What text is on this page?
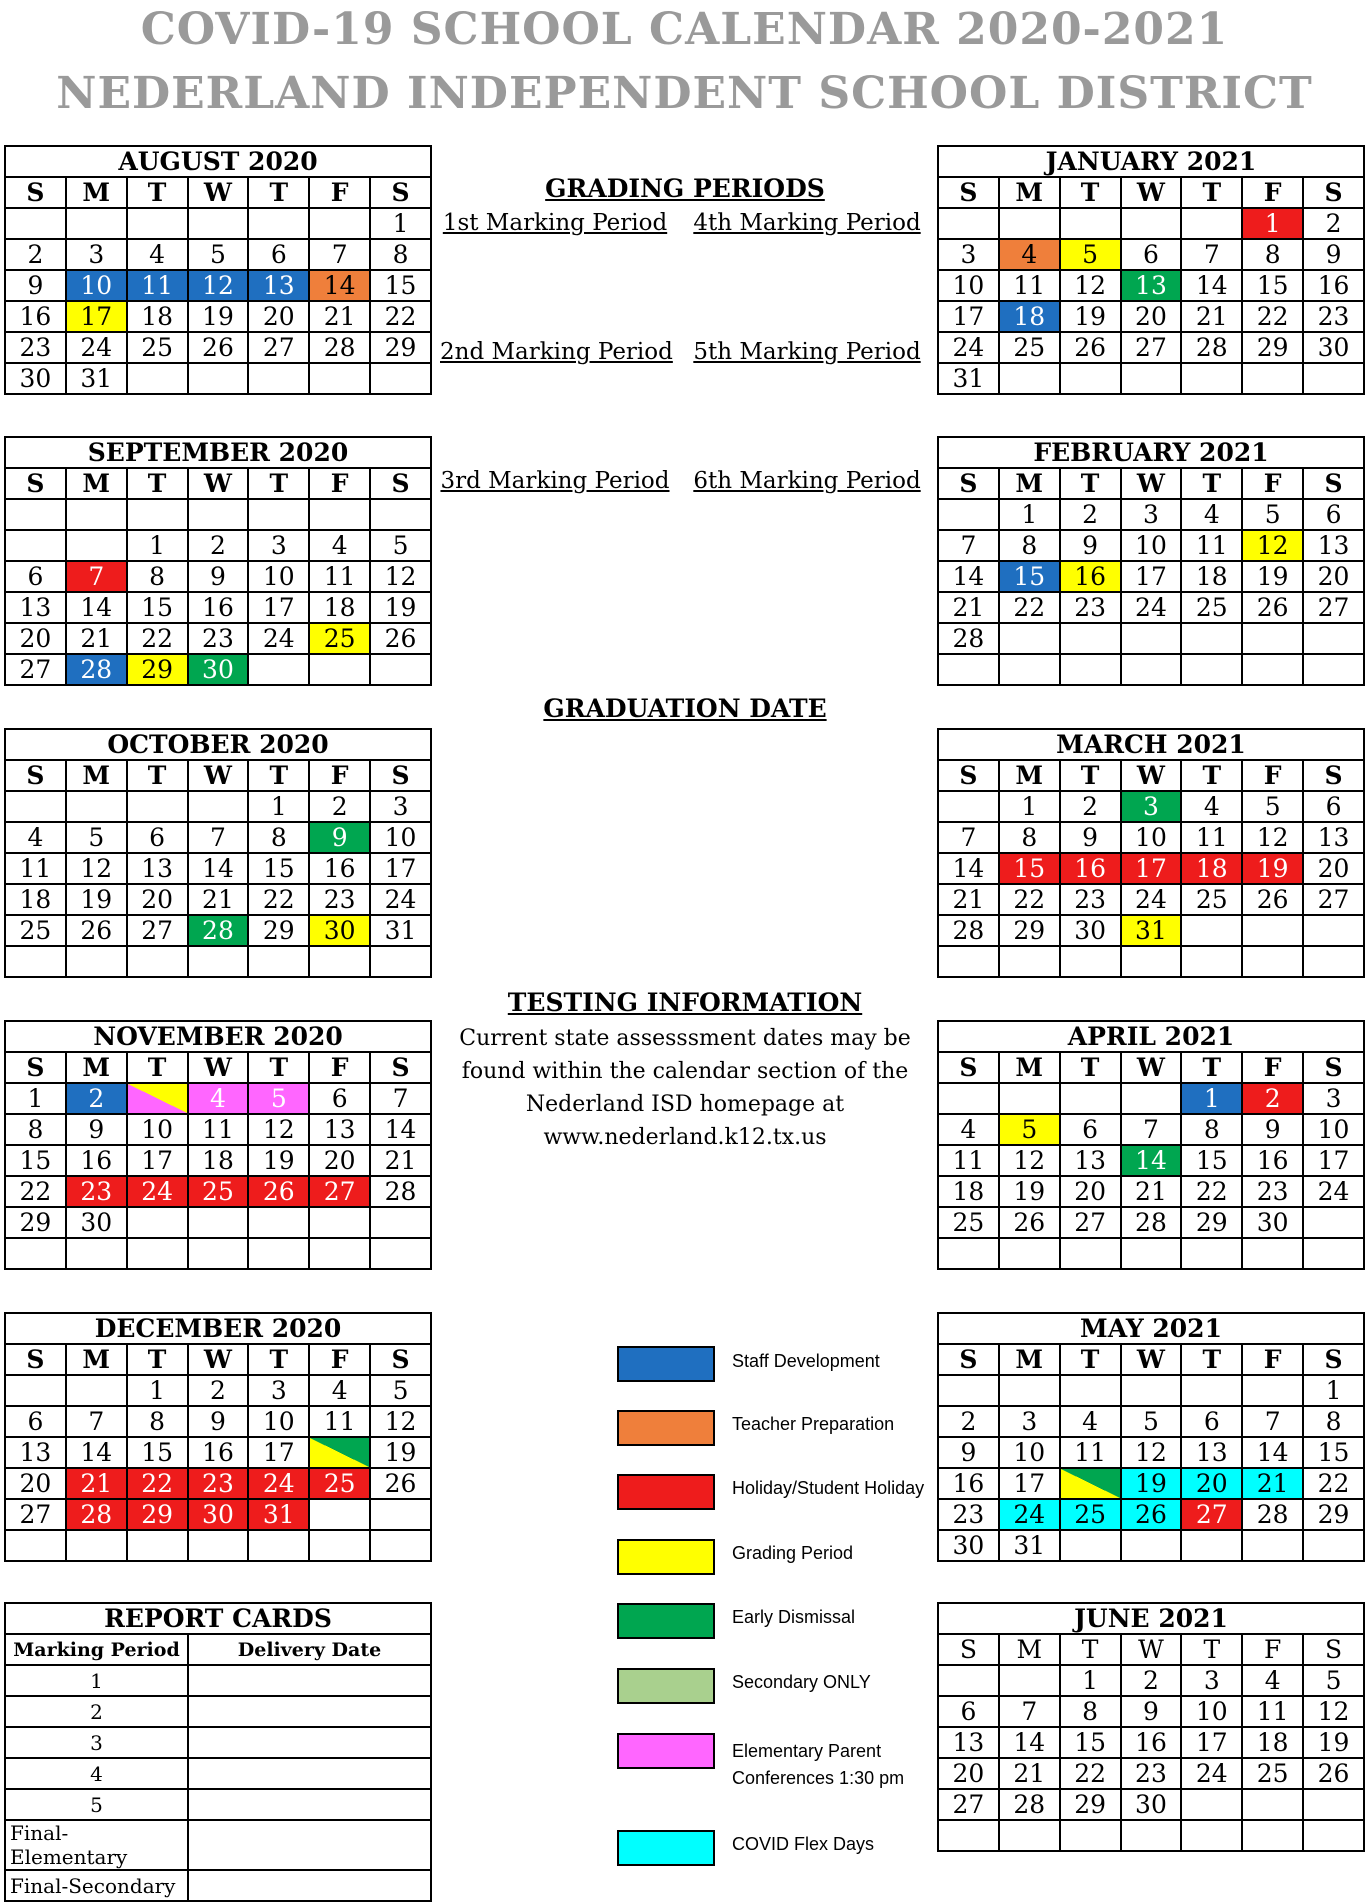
COVID-19 SCHOOL CALENDAR 2020-2021
NEDERLAND INDEPENDENT SCHOOL DISTRICT
AUGUST 2020						
S	M	T	W	T	F	S
						1
2	3	4	5	6	7	8
9	10	11	12	13	14	15
16	17	18	19	20	21	22
23	24	25	26	27	28	29
30	31					
SEPTEMBER 2020						
S	M	T	W	T	F	S

		1	2	3	4	5
6	7	8	9	10	11	12
13	14	15	16	17	18	19
20	21	22	23	24	25	26
27	28	29	30			
OCTOBER 2020						
S	M	T	W	T	F	S
				1	2	3
4	5	6	7	8	9	10
11	12	13	14	15	16	17
18	19	20	21	22	23	24
25	26	27	28	29	30	31

NOVEMBER 2020						
S	M	T	W	T	F	S
1	2		4	5	6	7
8	9	10	11	12	13	14
15	16	17	18	19	20	21
22	23	24	25	26	27	28
29	30					

DECEMBER 2020						
S	M	T	W	T	F	S
		1	2	3	4	5
6	7	8	9	10	11	12
13	14	15	16	17		19
20	21	22	23	24	25	26
27	28	29	30	31		

JANUARY 2021						
S	M	T	W	T	F	S
					1	2
3	4	5	6	7	8	9
10	11	12	13	14	15	16
17	18	19	20	21	22	23
24	25	26	27	28	29	30
31						
FEBRUARY 2021						
S	M	T	W	T	F	S
	1	2	3	4	5	6
7	8	9	10	11	12	13
14	15	16	17	18	19	20
21	22	23	24	25	26	27
28						

MARCH 2021						
S	M	T	W	T	F	S
	1	2	3	4	5	6
7	8	9	10	11	12	13
14	15	16	17	18	19	20
21	22	23	24	25	26	27
28	29	30	31			

APRIL 2021						
S	M	T	W	T	F	S
				1	2	3
4	5	6	7	8	9	10
11	12	13	14	15	16	17
18	19	20	21	22	23	24
25	26	27	28	29	30	

MAY 2021						
S	M	T	W	T	F	S
						1
2	3	4	5	6	7	8
9	10	11	12	13	14	15
16	17		19	20	21	22
23	24	25	26	27	28	29
30	31					
JUNE 2021						
S	M	T	W	T	F	S
		1	2	3	4	5
6	7	8	9	10	11	12
13	14	15	16	17	18	19
20	21	22	23	24	25	26
27	28	29	30			

GRADING PERIODS
1st Marking Period 4th Marking Period
2nd Marking Period 5th Marking Period
3rd Marking Period 6th Marking Period
GRADUATION DATE
TESTING INFORMATION
Current state assesssment dates may be
found within the calendar section of the
Nederland ISD homepage at
www.nederland.k12.tx.us
Staff Development
Teacher Preparation
Holiday/Student Holiday
Grading Period
Early Dismissal
Secondary ONLY
Elementary Parent
Conferences 1:30 pm
COVID Flex Days
REPORT CARDS	
Marking Period	Delivery Date
1	
2	
3	
4	
5	
Final-Elementary	
Final-Secondary	
